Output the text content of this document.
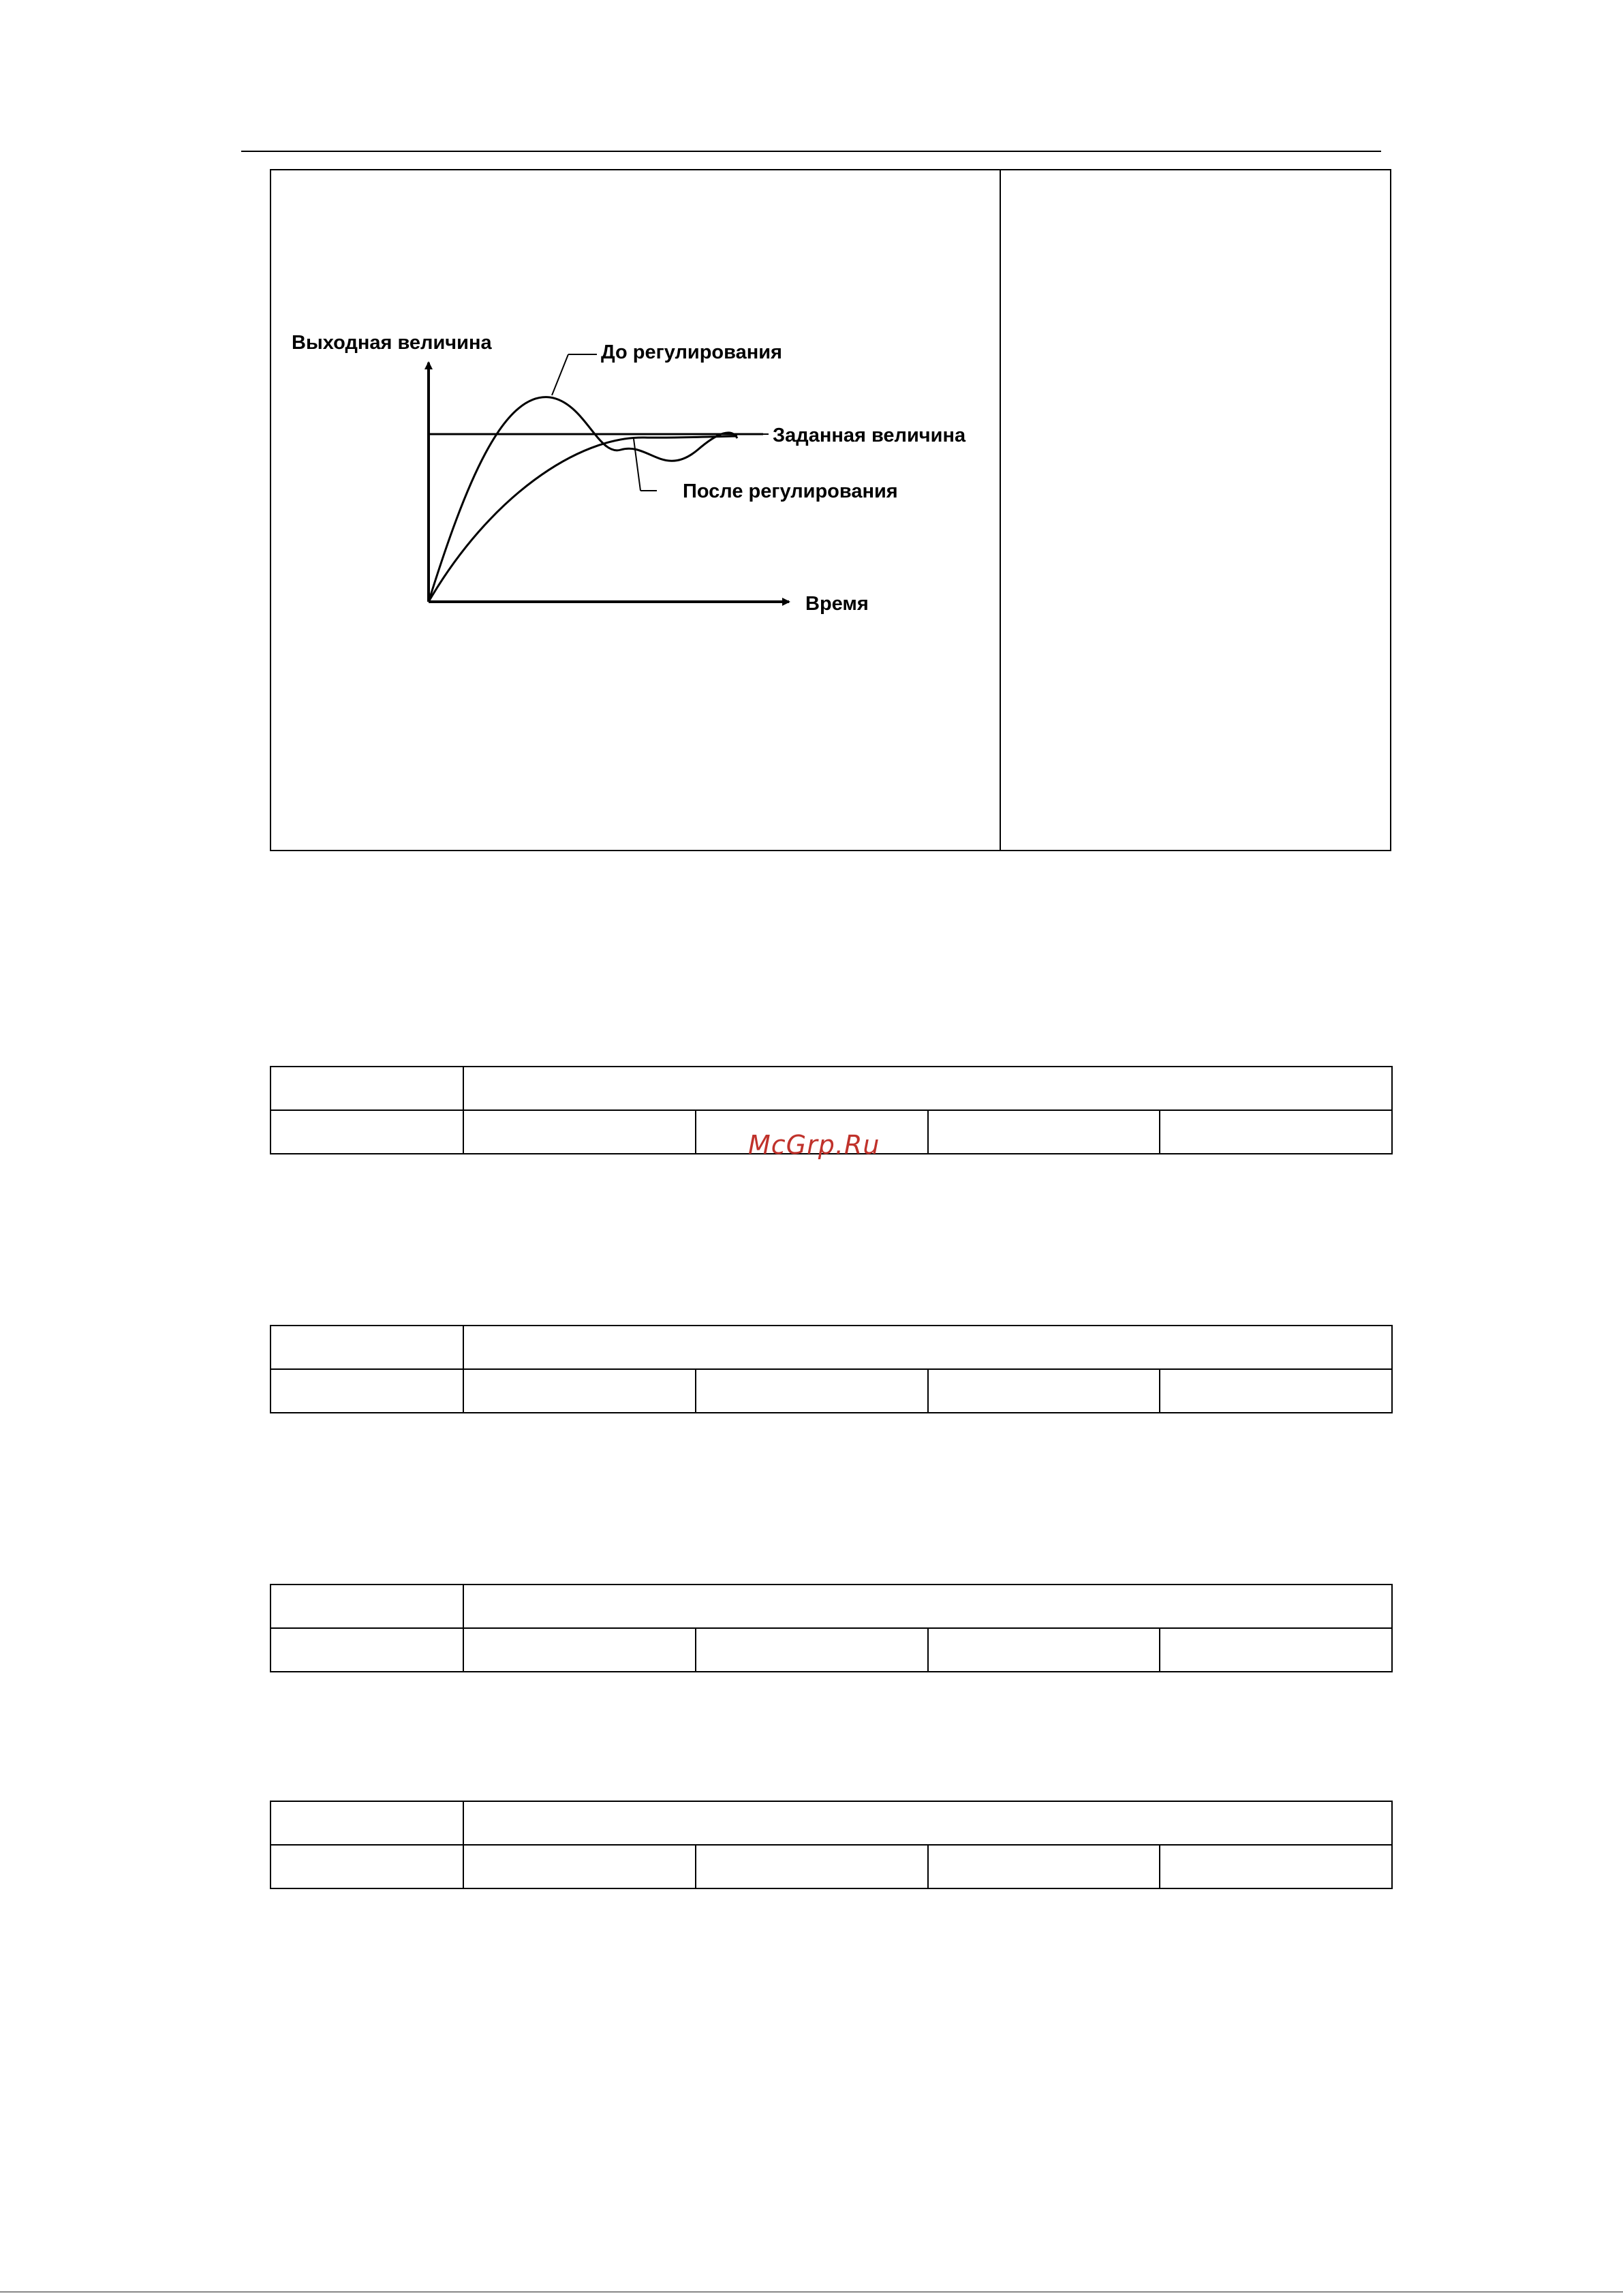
Выходная величина	До регулирования
Заданная величина
После регулирования
Время

McGrp.Ru
